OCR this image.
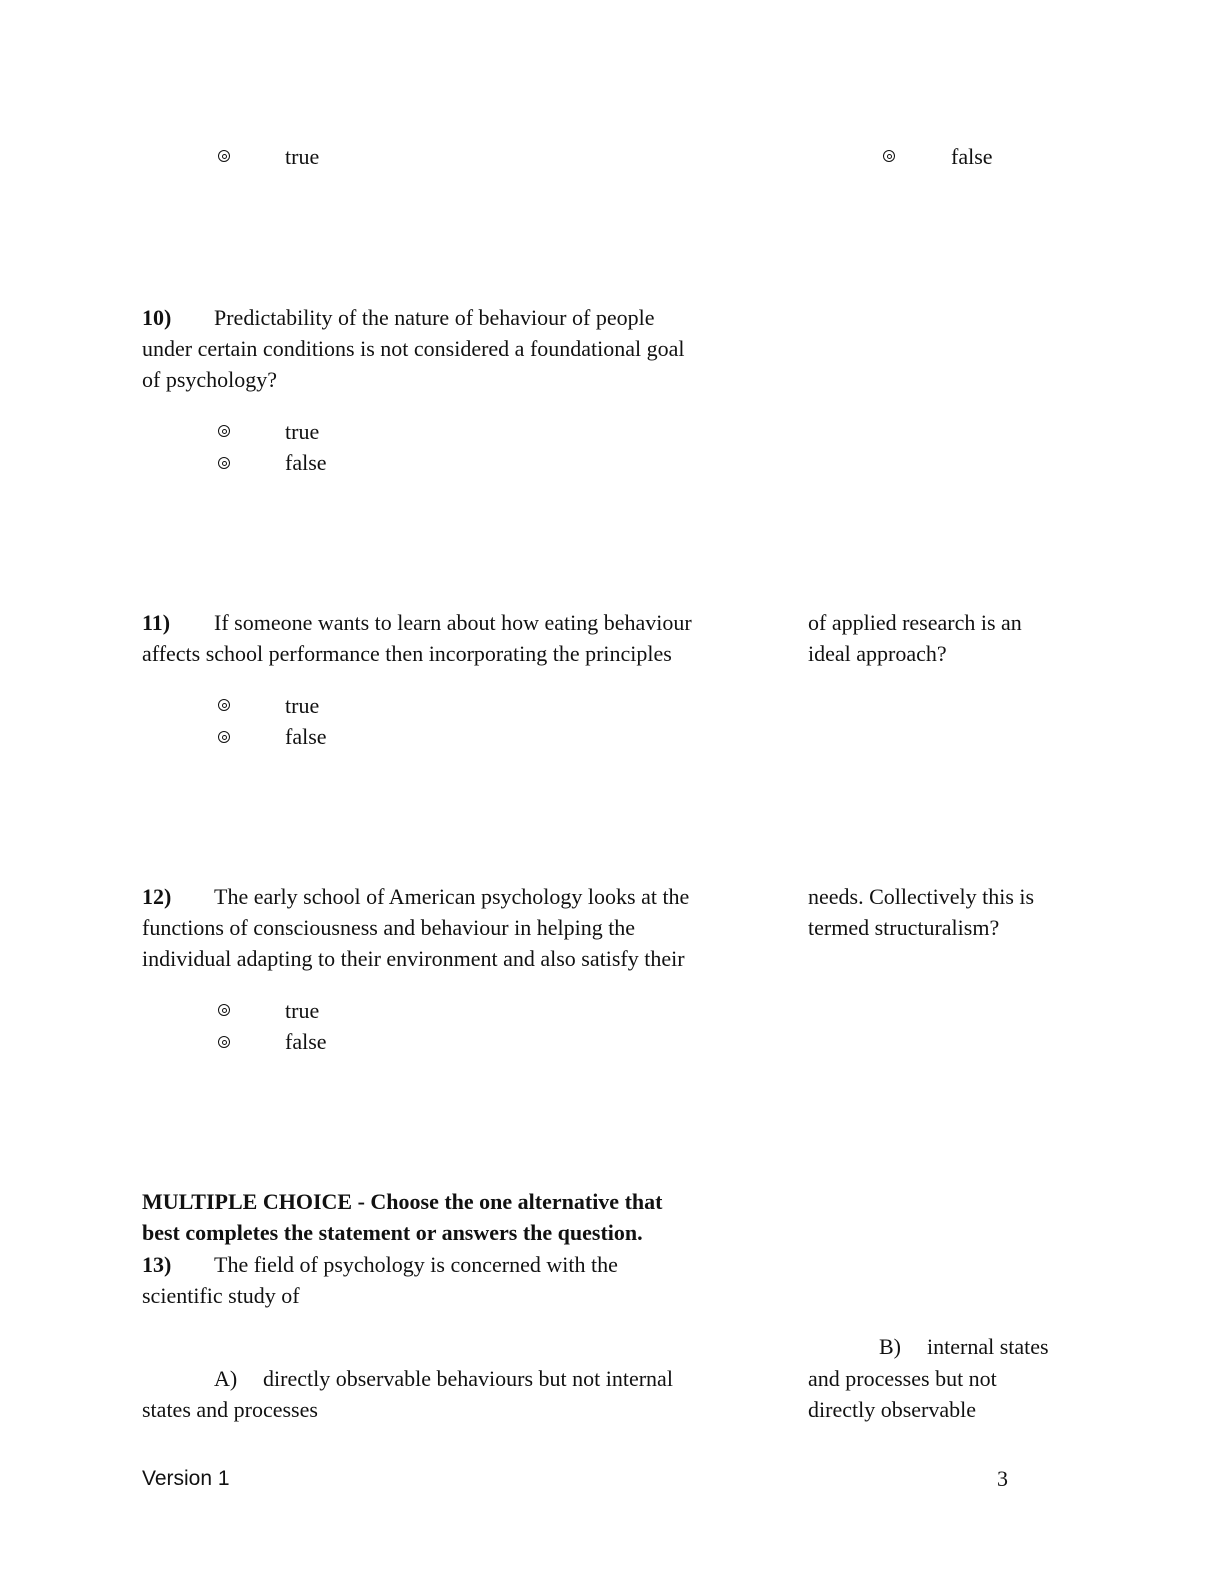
true	false
10) Predictability of the nature of behaviour of people
under certain conditions is not considered a foundational goal
of psychology?
true
false
11) If someone wants to learn about how eating behaviour
affects school performance then incorporating the principles
of applied research is an
ideal approach?
true
false
12) The early school of American psychology looks at the
functions of consciousness and behaviour in helping the
individual adapting to their environment and also satisfy their
needs. Collectively this is
termed structuralism?
true
false
MULTIPLE CHOICE - Choose the one alternative that
best completes the statement or answers the question.
13) The field of psychology is concerned with the
scientific study of
A) directly observable behaviours but not internal
states and processes
B) internal states
and processes but not
directly observable
Version 1	3
